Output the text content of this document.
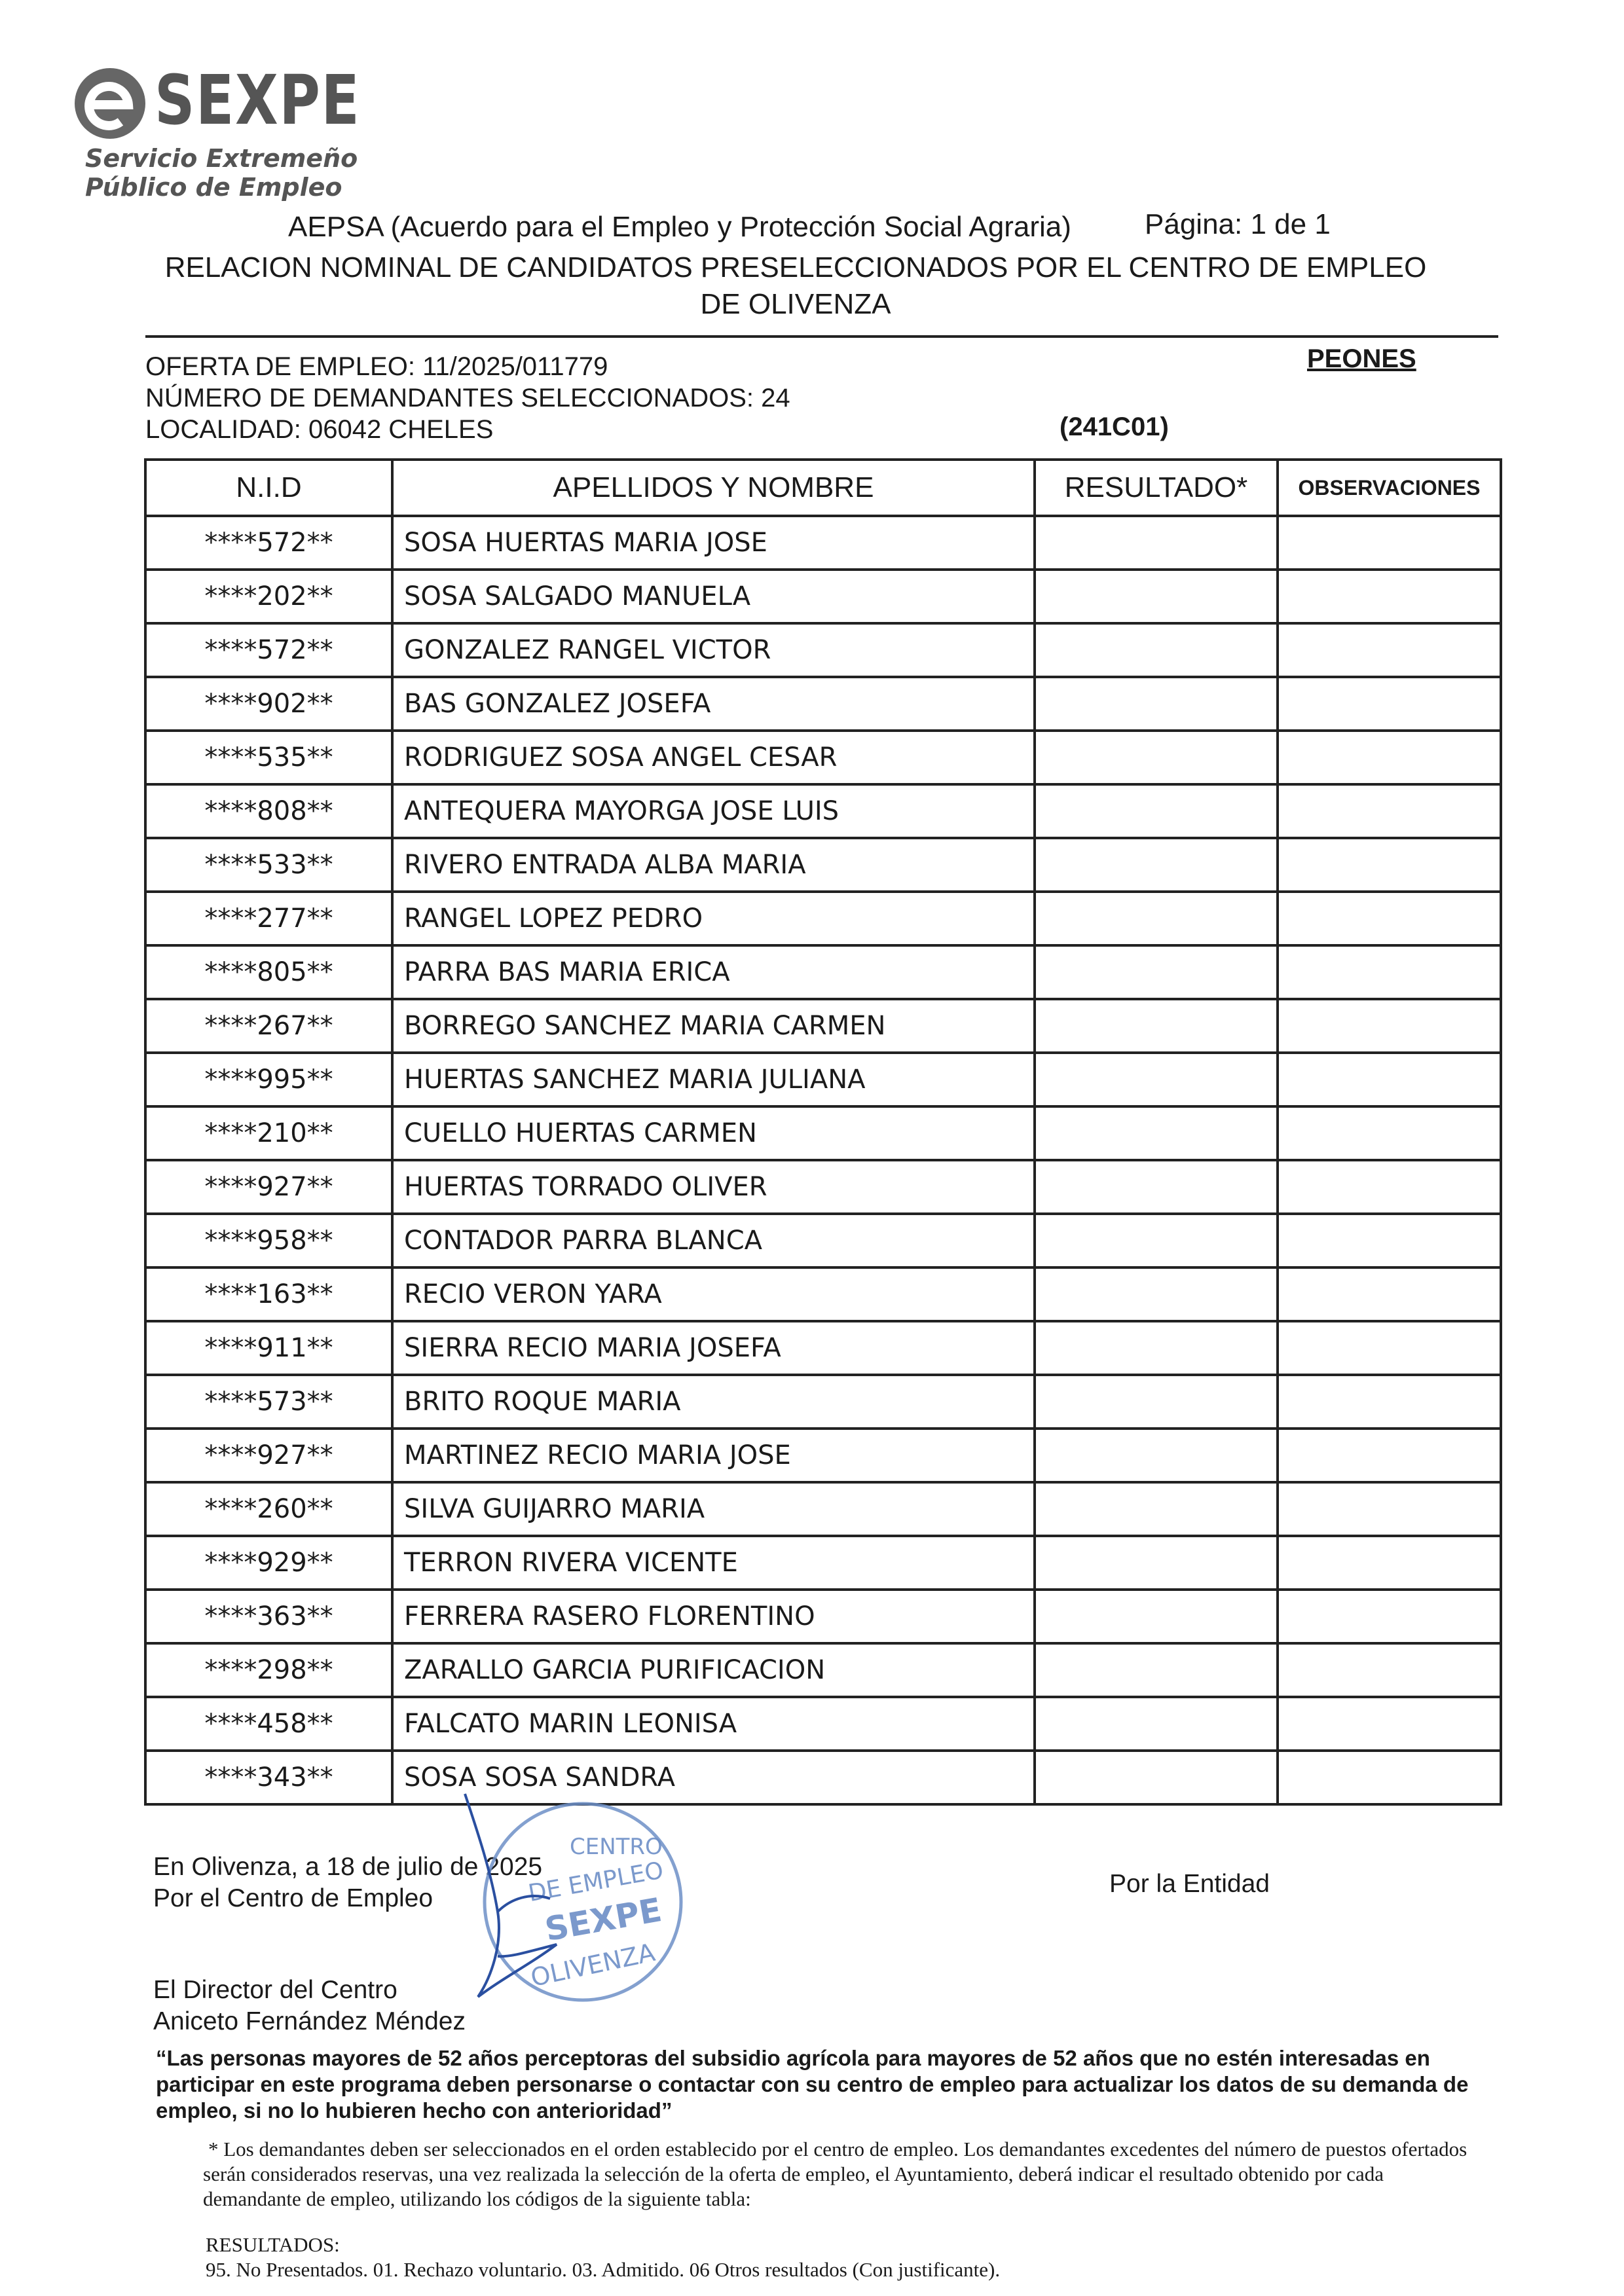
SEXPE
Servicio Extremeño
Público de Empleo
AEPSA (Acuerdo para el Empleo y Protección Social Agraria)	Página: 1 de 1
RELACION NOMINAL DE CANDIDATOS PRESELECCIONADOS POR EL CENTRO DE EMPLEO
DE OLIVENZA
OFERTA DE EMPLEO: 11/2025/011779
NÚMERO DE DEMANDANTES SELECCIONADOS: 24
LOCALIDAD: 06042 CHELES
PEONES
(241C01)
N.I.D	APELLIDOS Y NOMBRE	RESULTADO*	OBSERVACIONES
****572**	SOSA HUERTAS MARIA JOSE		
****202**	SOSA SALGADO MANUELA		
****572**	GONZALEZ RANGEL VICTOR		
****902**	BAS GONZALEZ JOSEFA		
****535**	RODRIGUEZ SOSA ANGEL CESAR		
****808**	ANTEQUERA MAYORGA JOSE LUIS		
****533**	RIVERO ENTRADA ALBA MARIA		
****277**	RANGEL LOPEZ PEDRO		
****805**	PARRA BAS MARIA ERICA		
****267**	BORREGO SANCHEZ MARIA CARMEN		
****995**	HUERTAS SANCHEZ MARIA JULIANA		
****210**	CUELLO HUERTAS CARMEN		
****927**	HUERTAS TORRADO OLIVER		
****958**	CONTADOR PARRA BLANCA		
****163**	RECIO VERON YARA		
****911**	SIERRA RECIO MARIA JOSEFA		
****573**	BRITO ROQUE MARIA		
****927**	MARTINEZ RECIO MARIA JOSE		
****260**	SILVA GUIJARRO MARIA		
****929**	TERRON RIVERA VICENTE		
****363**	FERRERA RASERO FLORENTINO		
****298**	ZARALLO GARCIA PURIFICACION		
****458**	FALCATO MARIN LEONISA		
****343**	SOSA SOSA SANDRA		
En Olivenza, a 18 de julio de 2025
Por el Centro de Empleo
Por la Entidad
El Director del Centro
Aniceto Fernández Méndez
CENTRO
DE EMPLEO
SEXPE
OLIVENZA
“Las personas mayores de 52 años perceptoras del subsidio agrícola para mayores de 52 años que no estén interesadas en participar en este programa deben personarse o contactar con su centro de empleo para actualizar los datos de su demanda de empleo, si no lo hubieren hecho con anterioridad”
* Los demandantes deben ser seleccionados en el orden establecido por el centro de empleo. Los demandantes excedentes del número de puestos ofertados serán considerados reservas, una vez realizada la selección de la oferta de empleo, el Ayuntamiento, deberá indicar el resultado obtenido por cada demandante de empleo, utilizando los códigos de la siguiente tabla:
RESULTADOS:
95. No Presentados. 01. Rechazo voluntario. 03. Admitido. 06 Otros resultados (Con justificante).
